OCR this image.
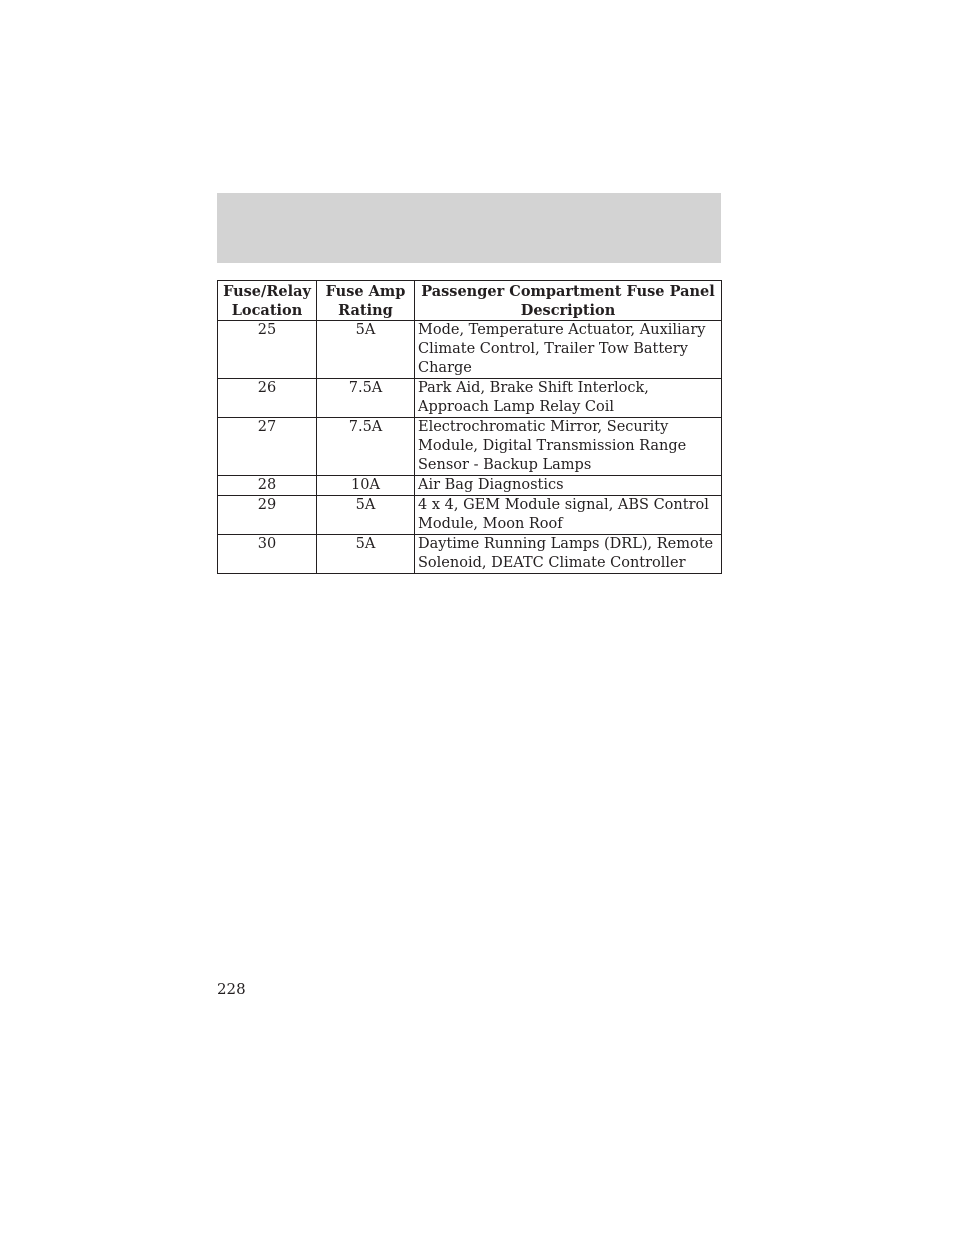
Fuse/Relay Location	Fuse Amp Rating	Passenger Compartment Fuse Panel Description
25	5A	Mode, Temperature Actuator, Auxiliary Climate Control, Trailer Tow Battery Charge
26	7.5A	Park Aid, Brake Shift Interlock, Approach Lamp Relay Coil
27	7.5A	Electrochromatic Mirror, Security Module, Digital Transmission Range Sensor - Backup Lamps
28	10A	Air Bag Diagnostics
29	5A	4 x 4, GEM Module signal, ABS Control Module, Moon Roof
30	5A	Daytime Running Lamps (DRL), Remote Solenoid, DEATC Climate Controller
228
